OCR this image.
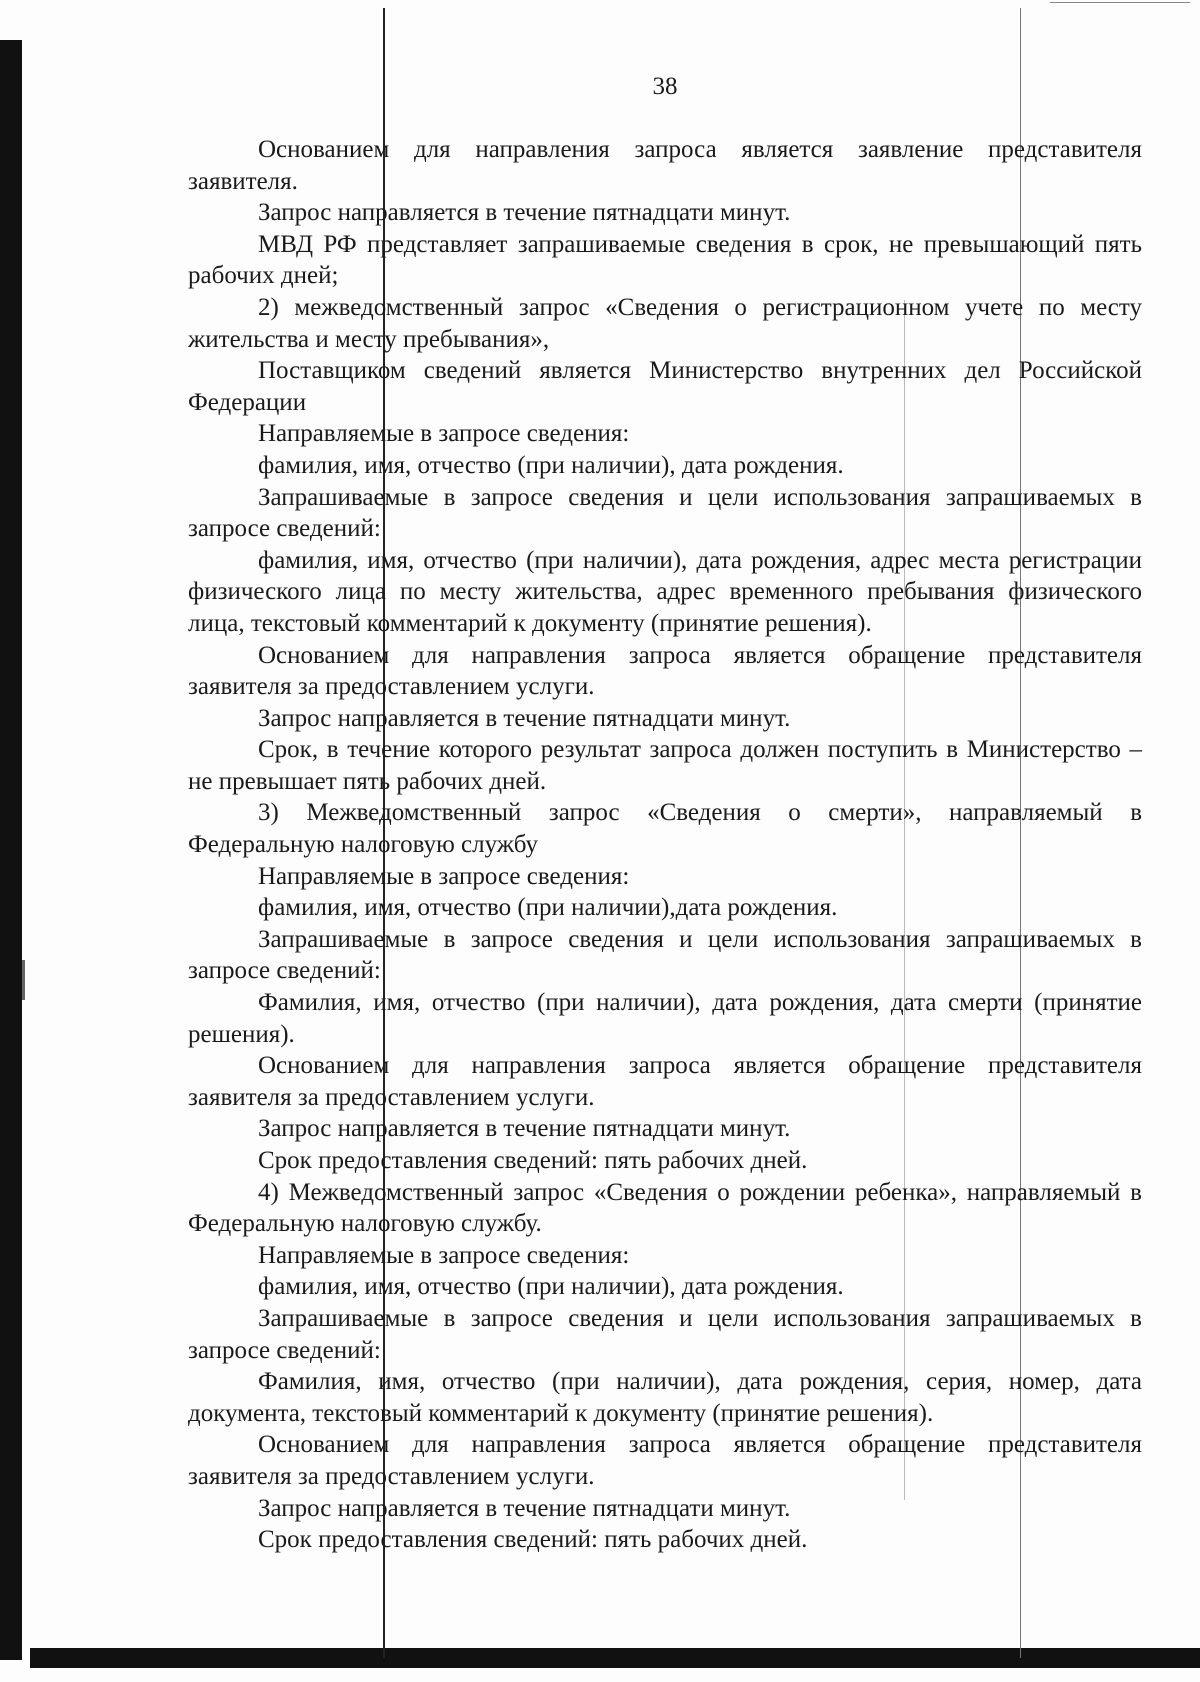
38

Основанием для направления запроса является заявление представителя заявителя.

Запрос направляется в течение пятнадцати минут.

МВД РФ представляет запрашиваемые сведения в срок, не превышающий пять рабочих дней;

2) межведомственный запрос «Сведения о регистрационном учете по месту жительства и месту пребывания»,

Поставщиком сведений является Министерство внутренних дел Российской Федерации

Направляемые в запросе сведения:

фамилия, имя, отчество (при наличии), дата рождения.

Запрашиваемые в запросе сведения и цели использования запрашиваемых в запросе сведений:

фамилия, имя, отчество (при наличии), дата рождения, адрес места регистрации физического лица по месту жительства, адрес временного пребывания физического лица, текстовый комментарий к документу (принятие решения).

Основанием для направления запроса является обращение представителя заявителя за предоставлением услуги.

Запрос направляется в течение пятнадцати минут.

Срок, в течение которого результат запроса должен поступить в Министерство – не превышает пять рабочих дней.

3) Межведомственный запрос «Сведения о смерти», направляемый в Федеральную налоговую службу

Направляемые в запросе сведения:

фамилия, имя, отчество (при наличии),дата рождения.

Запрашиваемые в запросе сведения и цели использования запрашиваемых в запросе сведений:

Фамилия, имя, отчество (при наличии), дата рождения, дата смерти (принятие решения).

Основанием для направления запроса является обращение представителя заявителя за предоставлением услуги.

Запрос направляется в течение пятнадцати минут.

Срок предоставления сведений: пять рабочих дней.

4) Межведомственный запрос «Сведения о рождении ребенка», направляемый в Федеральную налоговую службу.

Направляемые в запросе сведения:

фамилия, имя, отчество (при наличии), дата рождения.

Запрашиваемые в запросе сведения и цели использования запрашиваемых в запросе сведений:

Фамилия, имя, отчество (при наличии), дата рождения, серия, номер, дата документа, текстовый комментарий к документу (принятие решения).

Основанием для направления запроса является обращение представителя заявителя за предоставлением услуги.

Запрос направляется в течение пятнадцати минут.

Срок предоставления сведений: пять рабочих дней.
